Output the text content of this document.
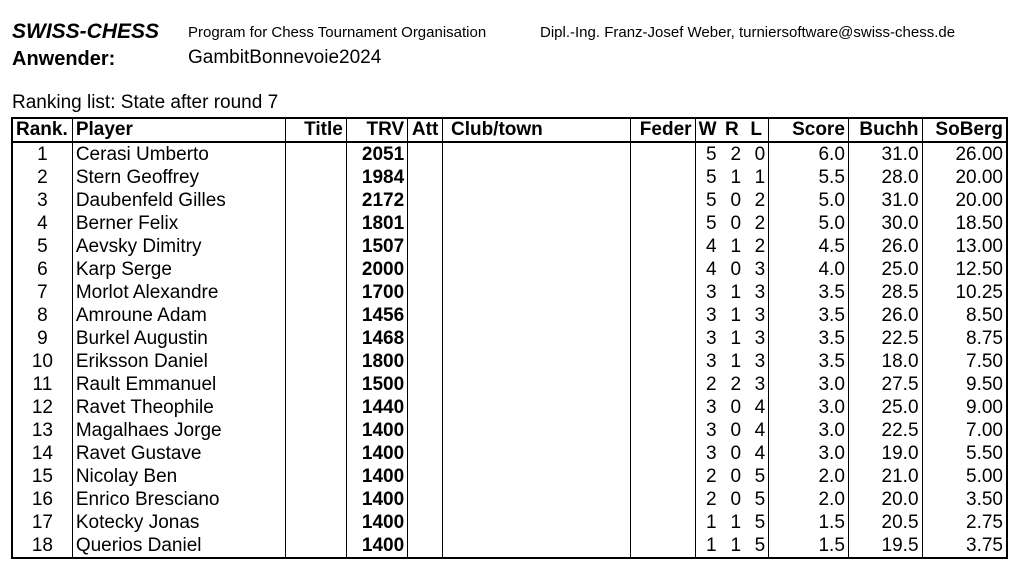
SWISS-CHESS Program for Chess Tournament Organisation	Dipl.-Ing. Franz-Josef Weber, turniersoftware@swiss-chess.de
Anwender:	GambitBonnevoie2024
Ranking list: State after round 7
Rank.	Player	Title	TRV	Att	Club/town	Feder	W	R	L	Score	Buchh	SoBerg
1	Cerasi Umberto		2051				5	2	0	6.0	31.0	26.00
2	Stern Geoffrey		1984				5	1	1	5.5	28.0	20.00
3	Daubenfeld Gilles		2172				5	0	2	5.0	31.0	20.00
4	Berner Felix		1801				5	0	2	5.0	30.0	18.50
5	Aevsky Dimitry		1507				4	1	2	4.5	26.0	13.00
6	Karp Serge		2000				4	0	3	4.0	25.0	12.50
7	Morlot Alexandre		1700				3	1	3	3.5	28.5	10.25
8	Amroune Adam		1456				3	1	3	3.5	26.0	8.50
9	Burkel Augustin		1468				3	1	3	3.5	22.5	8.75
10	Eriksson Daniel		1800				3	1	3	3.5	18.0	7.50
11	Rault Emmanuel		1500				2	2	3	3.0	27.5	9.50
12	Ravet Theophile		1440				3	0	4	3.0	25.0	9.00
13	Magalhaes Jorge		1400				3	0	4	3.0	22.5	7.00
14	Ravet Gustave		1400				3	0	4	3.0	19.0	5.50
15	Nicolay Ben		1400				2	0	5	2.0	21.0	5.00
16	Enrico Bresciano		1400				2	0	5	2.0	20.0	3.50
17	Kotecky Jonas		1400				1	1	5	1.5	20.5	2.75
18	Querios Daniel		1400				1	1	5	1.5	19.5	3.75
